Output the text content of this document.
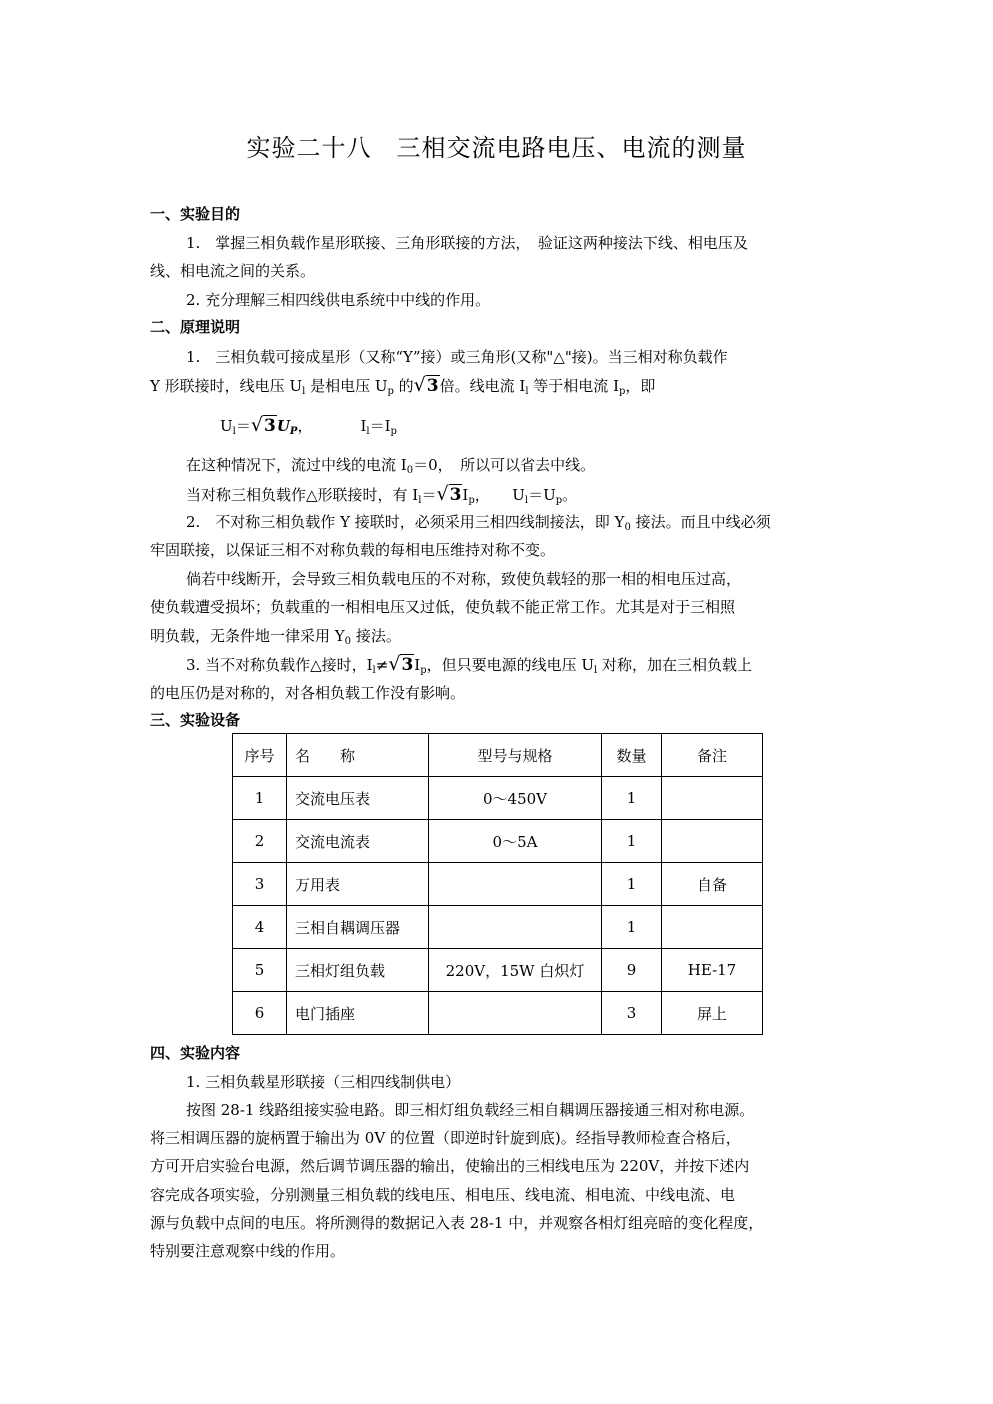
实验二十八　三相交流电路电压、电流的测量
一、实验目的
1.　掌握三相负载作星形联接、三角形联接的方法，　验证这两种接法下线、相电压及
线、相电流之间的关系。
2. 充分理解三相四线供电系统中中线的作用。
二、原理说明
1.　三相负载可接成星形（又称“Y”接）或三角形(又称"△"接)。当三相对称负载作
Y 形联接时，线电压 $U_l$ 是相电压 $U_p$ 的√3倍。线电流 $I_l$ 等于相电流 $I_p$，即
$U_l=√3U_P$，	$I_l=I_p$
在这种情况下，流过中线的电流 $I_0=0$，　所以可以省去中线。
当对称三相负载作△形联接时，有 $I_l=√3I_p$，　　$U_l=U_p$。
2.　不对称三相负载作 Y 接联时，必须采用三相四线制接法，即 $Y_0$ 接法。而且中线必须
牢固联接，以保证三相不对称负载的每相电压维持对称不变。
倘若中线断开，会导致三相负载电压的不对称，致使负载轻的那一相的相电压过高，
使负载遭受损坏；负载重的一相相电压又过低，使负载不能正常工作。尤其是对于三相照
明负载，无条件地一律采用 $Y_0$ 接法。
3. 当不对称负载作△接时，$I_l\ne√3I_p$，但只要电源的线电压 $U_l$ 对称，加在三相负载上
的电压仍是对称的，对各相负载工作没有影响。
三、实验设备
序号	名　　称	型号与规格	数量	备注
1	交流电压表	0～450V	1	
2	交流电流表	0～5A	1	
3	万用表		1	自备
4	三相自耦调压器		1	
5	三相灯组负载	220V，15W 白炽灯	9	HE-17
6	电门插座		3	屏上
四、实验内容
1. 三相负载星形联接（三相四线制供电）
按图 28-1 线路组接实验电路。即三相灯组负载经三相自耦调压器接通三相对称电源。
将三相调压器的旋柄置于输出为 0V 的位置（即逆时针旋到底)。经指导教师检查合格后，
方可开启实验台电源，然后调节调压器的输出，使输出的三相线电压为 220V，并按下述内
容完成各项实验，分别测量三相负载的线电压、相电压、线电流、相电流、中线电流、电
源与负载中点间的电压。将所测得的数据记入表 28-1 中，并观察各相灯组亮暗的变化程度，
特别要注意观察中线的作用。
